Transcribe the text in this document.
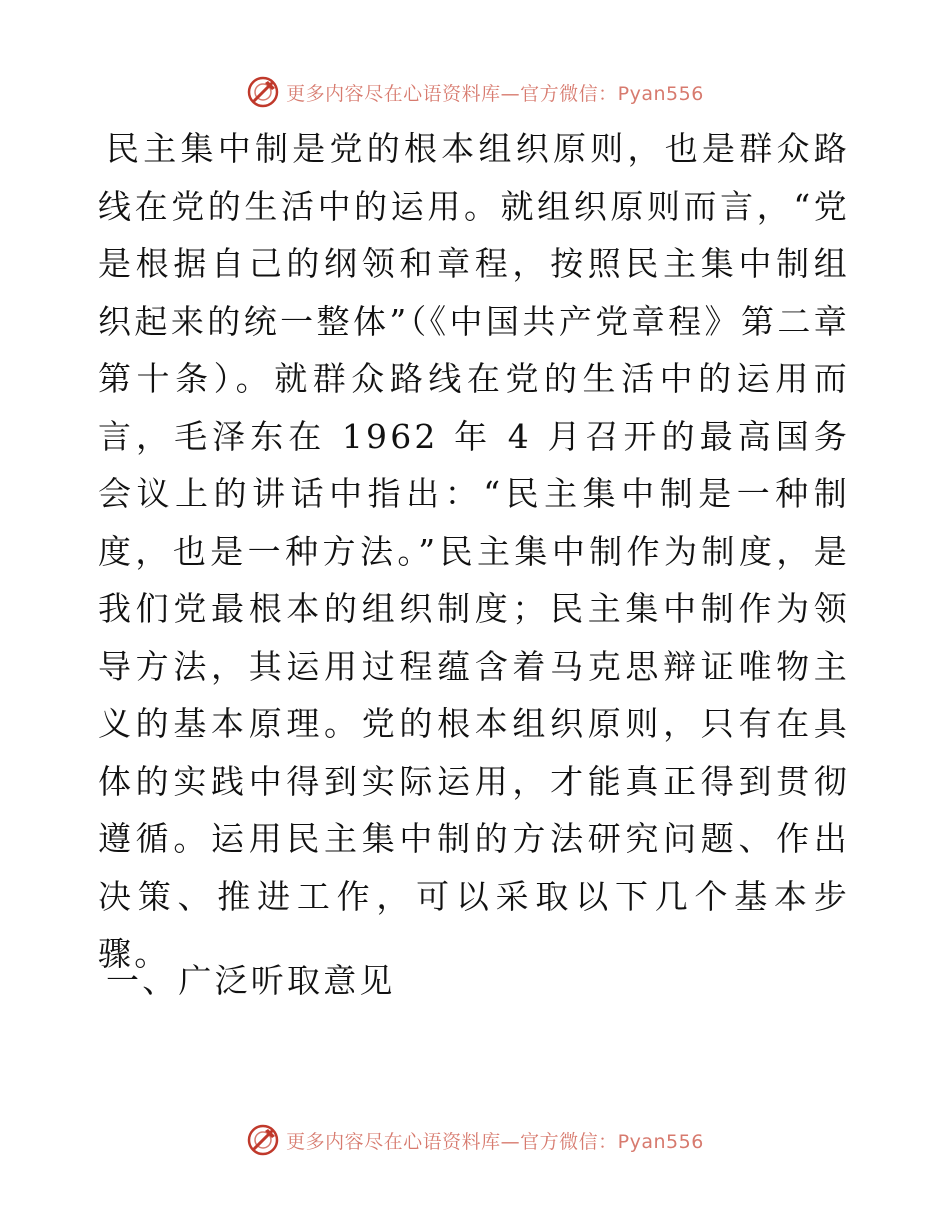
更多内容尽在心语资料库—官方微信：Pyan556

民主集中制是党的根本组织原则，也是群众路线在党的生活中的运用。就组织原则而言，“党是根据自己的纲领和章程，按照民主集中制组织起来的统一整体”（《中国共产党章程》第二章第十条）。就群众路线在党的生活中的运用而言，毛泽东在 1962 年 4 月召开的最高国务会议上的讲话中指出：“民主集中制是一种制度，也是一种方法。”民主集中制作为制度，是我们党最根本的组织制度；民主集中制作为领导方法，其运用过程蕴含着马克思辩证唯物主义的基本原理。党的根本组织原则，只有在具体的实践中得到实际运用，才能真正得到贯彻遵循。运用民主集中制的方法研究问题、作出决策、推进工作，可以采取以下几个基本步骤。

一、广泛听取意见
更多内容尽在心语资料库—官方微信：Pyan556
